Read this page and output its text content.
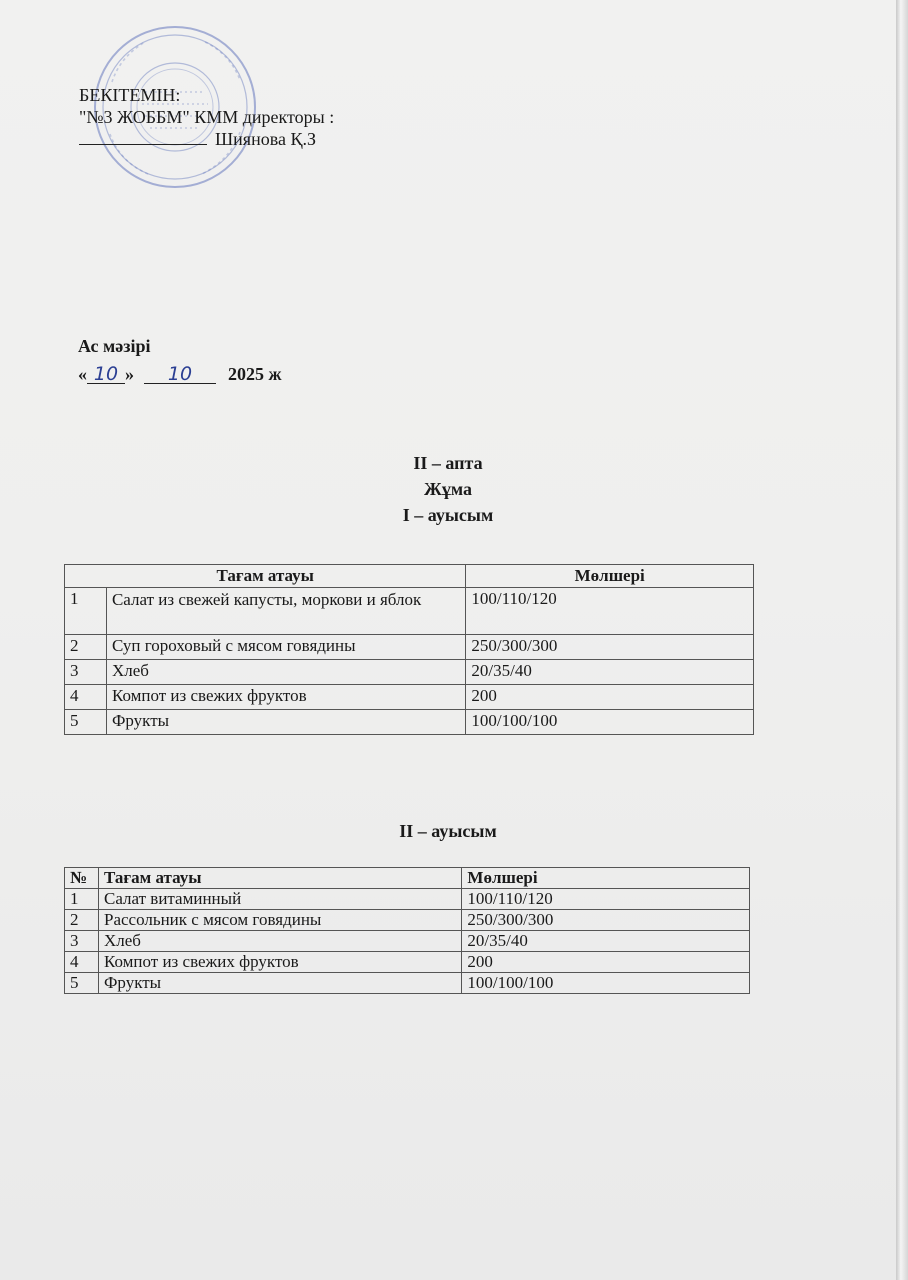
БЕКІТЕМІН:
"№3 ЖОББМ" КММ директоры :
Шиянова Қ.З
Ас мәзірі
« 10 » 10 2025 ж
II – апта
Жұма
I – ауысым
Тағам атауы		Мөлшері
1	Салат из свежей капусты, моркови и яблок	100/110/120
2	Суп гороховый с мясом говядины	250/300/300
3	Хлеб	20/35/40
4	Компот из свежих фруктов	200
5	Фрукты	100/100/100
II – ауысым
№	Тағам атауы	Мөлшері
1	Салат витаминный	100/110/120
2	Рассольник с мясом говядины	250/300/300
3	Хлеб	20/35/40
4	Компот из свежих фруктов	200
5	Фрукты	100/100/100
